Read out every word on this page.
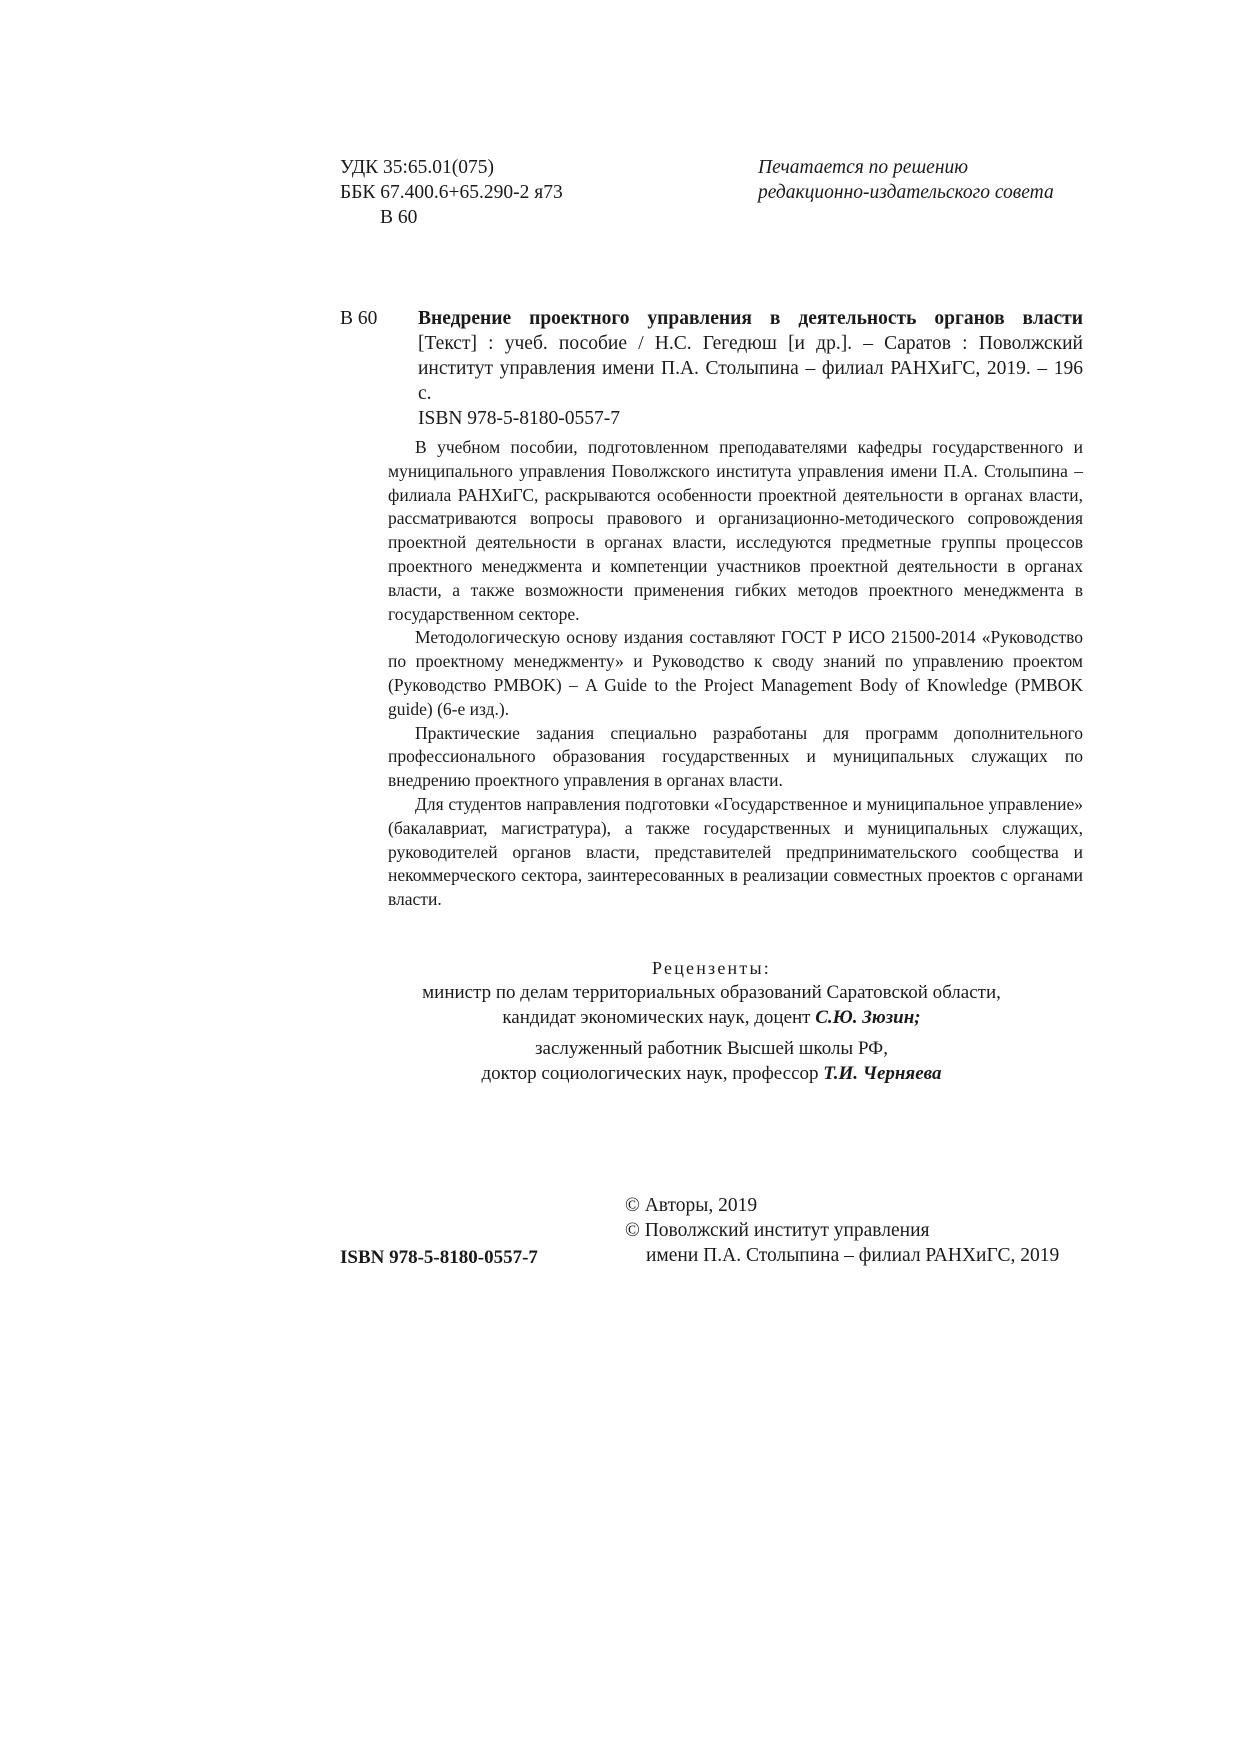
УДК 35:65.01(075)
ББК 67.400.6+65.290-2 я73
В 60
Печатается по решению
редакционно-издательского совета
В 60 Внедрение проектного управления в деятельность органов власти
[Текст] : учеб. пособие / Н.С. Гегедюш [и др.]. – Саратов : Поволжский
институт управления имени П.А. Столыпина – филиал РАНХиГС, 2019. – 196 с.
ISBN 978-5-8180-0557-7

В учебном пособии, подготовленном преподавателями кафедры государственного и муниципального управления Поволжского института управления имени П.А. Столыпина – филиала РАНХиГС, раскрываются особенности проектной деятельности в органах власти, рассматриваются вопросы правового и организационно-методического сопровождения проектной деятельности в органах власти, исследуются предметные группы процессов проектного менеджмента и компетенции участников проектной деятельности в органах власти, а также возможности применения гибких методов проектного менеджмента в государственном секторе.

Методологическую основу издания составляют ГОСТ Р ИСО 21500-2014 «Руководство по проектному менеджменту» и Руководство к своду знаний по управлению проектом (Руководство PMBOK) – A Guide to the Project Management Body of Knowledge (PMBOK guide) (6-е изд.).

Практические задания специально разработаны для программ дополнительного профессионального образования государственных и муниципальных служащих по внедрению проектного управления в органах власти.

Для студентов направления подготовки «Государственное и муниципальное управление» (бакалавриат, магистратура), а также государственных и муниципальных служащих, руководителей органов власти, представителей предпринимательского сообщества и некоммерческого сектора, заинтересованных в реализации совместных проектов с органами власти.

Рецензенты:
министр по делам территориальных образований Саратовской области,
кандидат экономических наук, доцент С.Ю. Зюзин;
заслуженный работник Высшей школы РФ,
доктор социологических наук, профессор Т.И. Черняева
© Авторы, 2019
© Поволжский институт управления
имени П.А. Столыпина – филиал РАНХиГС, 2019
ISBN 978-5-8180-0557-7
